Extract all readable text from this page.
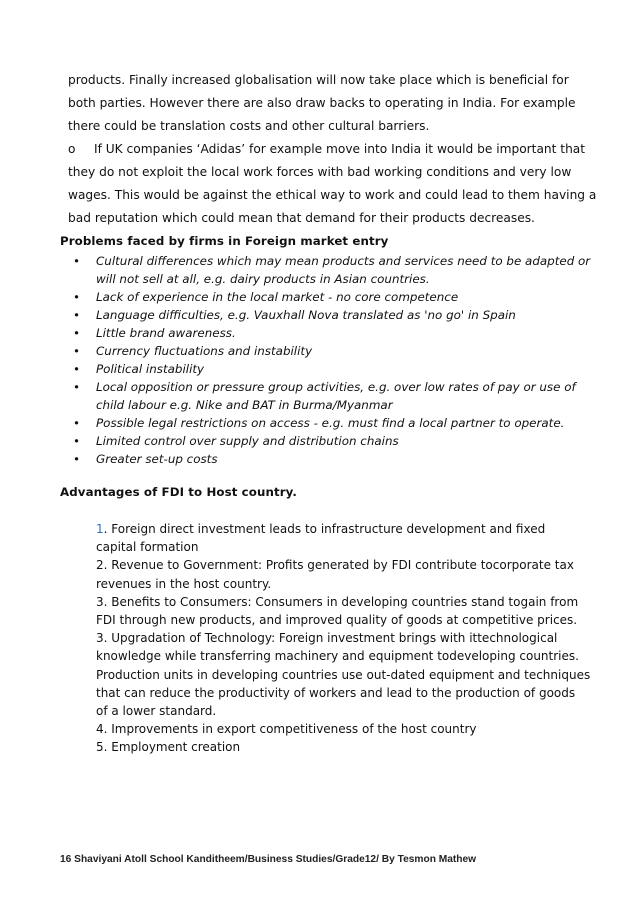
products. Finally increased globalisation will now take place which is beneficial for
both parties. However there are also draw backs to operating in India. For example
there could be translation costs and other cultural barriers.
o If UK companies ‘Adidas’ for example move into India it would be important that
they do not exploit the local work forces with bad working conditions and very low
wages. This would be against the ethical way to work and could lead to them having a
bad reputation which could mean that demand for their products decreases.
Problems faced by firms in Foreign market entry
• Cultural differences which may mean products and services need to be adapted or
will not sell at all, e.g. dairy products in Asian countries.
• Lack of experience in the local market - no core competence
• Language difficulties, e.g. Vauxhall Nova translated as 'no go' in Spain
• Little brand awareness.
• Currency fluctuations and instability
• Political instability
• Local opposition or pressure group activities, e.g. over low rates of pay or use of
child labour e.g. Nike and BAT in Burma/Myanmar
• Possible legal restrictions on access - e.g. must find a local partner to operate.
• Limited control over supply and distribution chains
• Greater set-up costs
Advantages of FDI to Host country.
1. Foreign direct investment leads to infrastructure development and fixed
capital formation
2. Revenue to Government: Profits generated by FDI contribute tocorporate tax
revenues in the host country.
3. Benefits to Consumers: Consumers in developing countries stand togain from
FDI through new products, and improved quality of goods at competitive prices.
3. Upgradation of Technology: Foreign investment brings with ittechnological
knowledge while transferring machinery and equipment todeveloping countries.
Production units in developing countries use out-dated equipment and techniques
that can reduce the productivity of workers and lead to the production of goods
of a lower standard.
4. Improvements in export competitiveness of the host country
5. Employment creation
16 Shaviyani Atoll School Kanditheem/Business Studies/Grade12/ By Tesmon Mathew
